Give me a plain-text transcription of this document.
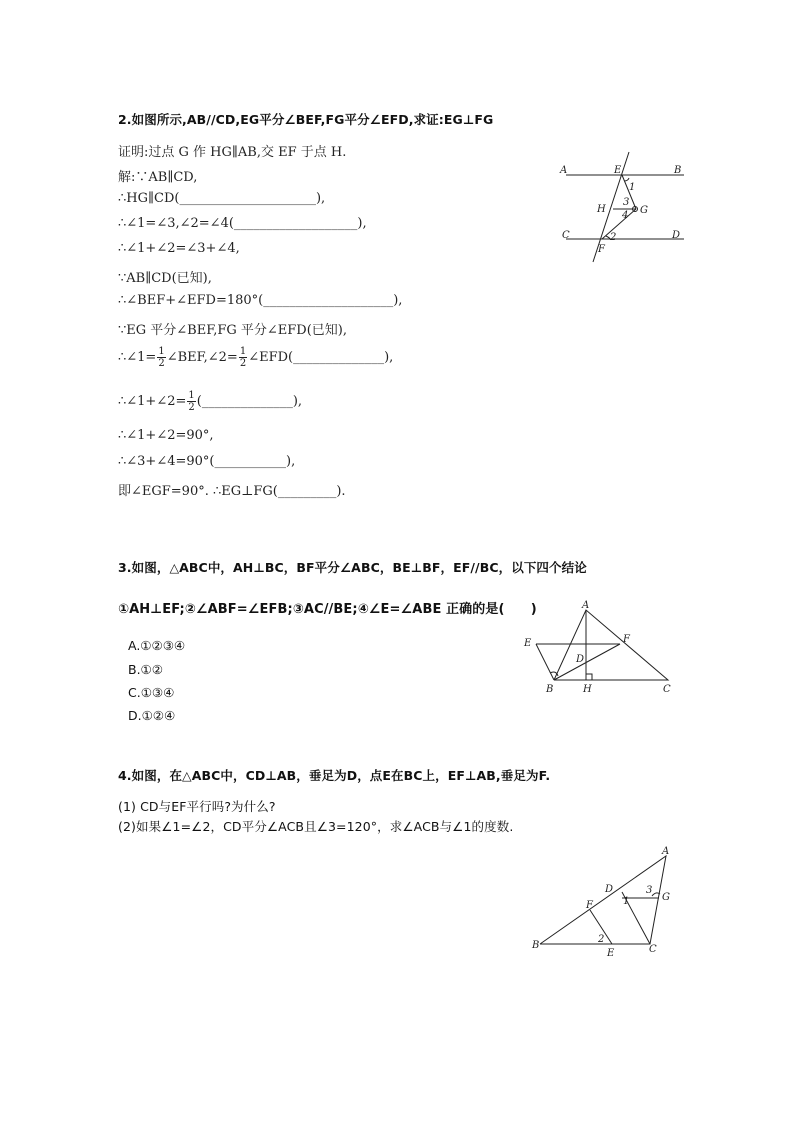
2.如图所示,AB//CD,EG平分∠BEF,FG平分∠EFD,求证:EG⊥FG
证明:过点 G 作 HG∥AB,交 EF 于点 H.
解:∵AB∥CD,
∴HG∥CD(_____________________),
∴∠1=∠3,∠2=∠4(___________________),
∴∠1+∠2=∠3+∠4,
∵AB∥CD(已知),
∴∠BEF+∠EFD=180°(____________________),
∵EG 平分∠BEF,FG 平分∠EFD(已知),
∴∠1= $\frac{1}{2}$ ∠BEF,∠2= $\frac{1}{2}$ ∠EFD(______________),
∴∠1+∠2= $\frac{1}{2}$ (______________),
∴∠1+∠2=90°,
∴∠3+∠4=90°(___________),
即∠EGF=90°. ∴EG⊥FG(_________).
A	B
C	D
E
F
G
H
1
2
3
4
3.如图，△ABC中，AH⊥BC，BF平分∠ABC，BE⊥BF，EF//BC，以下四个结论
①AH⊥EF;②∠ABF=∠EFB;③AC//BE;④∠E=∠ABE 正确的是(　　)
A.①②③④
B.①②
C.①③④
D.①②④
A
B	C
D
E	F
H
4.如图，在△ABC中，CD⊥AB，垂足为D，点E在BC上，EF⊥AB,垂足为F.
(1) CD与EF平行吗?为什么?
(2)如果∠1=∠2，CD平分∠ACB且∠3=120°，求∠ACB与∠1的度数.
A
B	C
D
E
F
G
1
2
3
